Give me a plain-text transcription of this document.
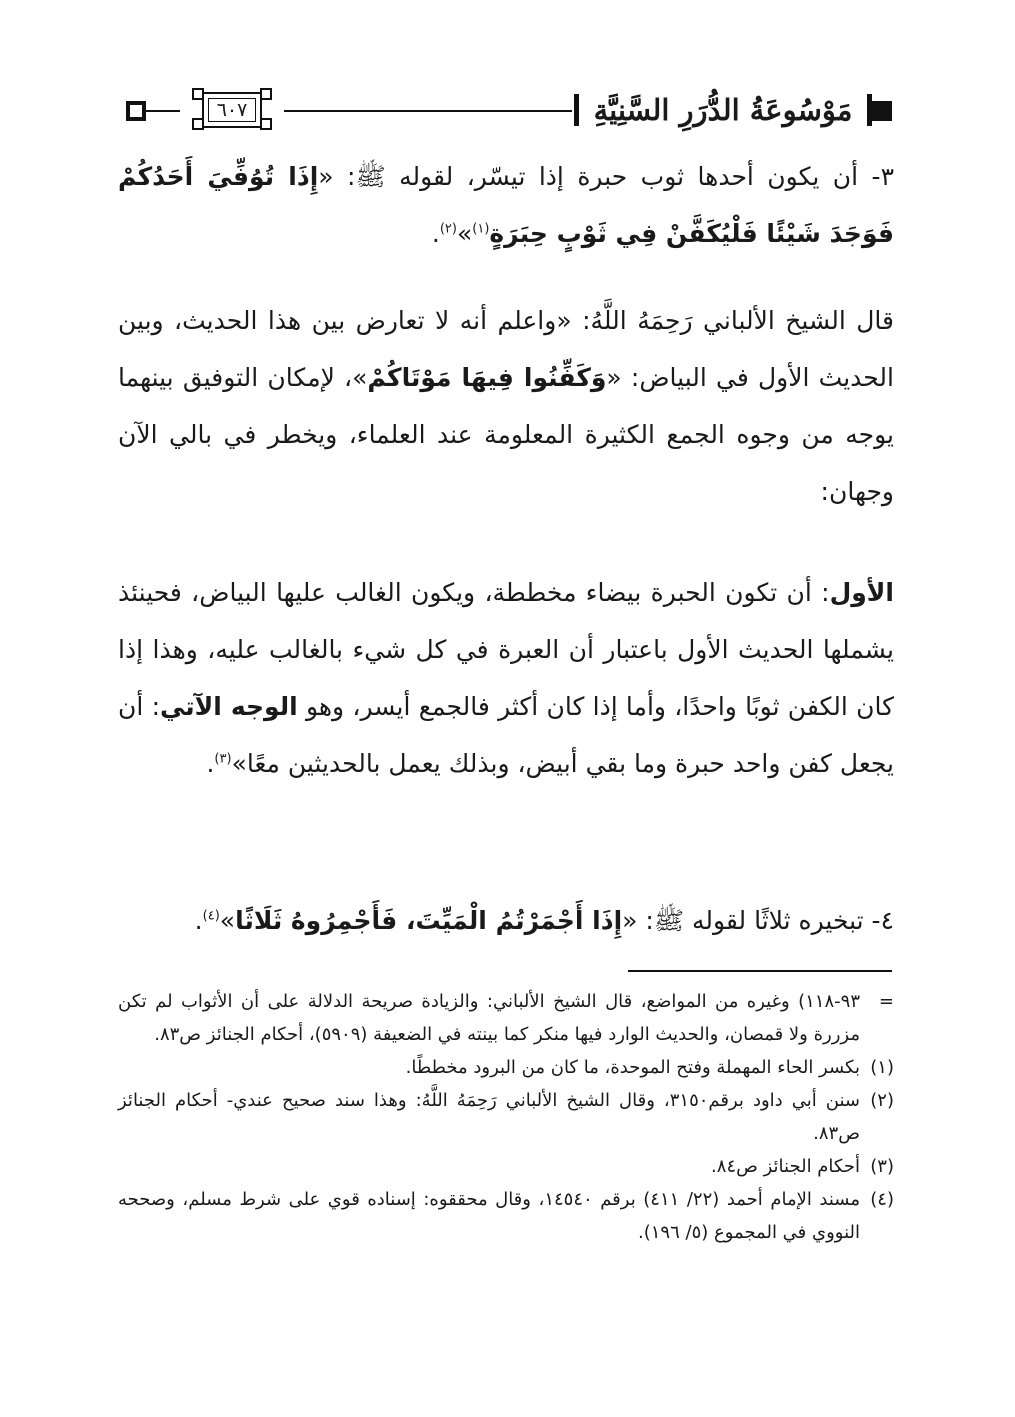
٦٠٧	مَوْسُوعَةُ الدُّرَرِ السَّنِيَّةِ

٣- أن يكون أحدها ثوب حبرة إذا تيسّر، لقوله ﷺ: «إِذَا تُوُفِّيَ أَحَدُكُمْ فَوَجَدَ شَيْئًا فَلْيُكَفَّنْ فِي ثَوْبٍ حِبَرَةٍ$^{(١)}$»$^{(٢)}$.

قال الشيخ الألباني رَحِمَهُ اللَّهُ: «واعلم أنه لا تعارض بين هذا الحديث، وبين الحديث الأول في البياض: «وَكَفِّنُوا فِيهَا مَوْتَاكُمْ»، لإمكان التوفيق بينهما يوجه من وجوه الجمع الكثيرة المعلومة عند العلماء، ويخطر في بالي الآن وجهان:

الأول: أن تكون الحبرة بيضاء مخططة، ويكون الغالب عليها البياض، فحينئذ يشملها الحديث الأول باعتبار أن العبرة في كل شيء بالغالب عليه، وهذا إذا كان الكفن ثوبًا واحدًا، وأما إذا كان أكثر فالجمع أيسر، وهو الوجه الآتي: أن يجعل كفن واحد حبرة وما بقي أبيض، وبذلك يعمل بالحديثين معًا»$^{(٣)}$.

٤- تبخيره ثلاثًا لقوله ﷺ: «إِذَا أَجْمَرْتُمُ الْمَيِّتَ، فَأَجْمِرُوهُ ثَلَاثًا»$^{(٤)}$.

=
٩٣-١١٨) وغيره من المواضع، قال الشيخ الألباني: والزيادة صريحة الدلالة على أن الأثواب لم تكن مزررة ولا قمصان، والحديث الوارد فيها منكر كما بينته في الضعيفة (٥٩٠٩)، أحكام الجنائز ص٨٣.

(١)
بكسر الحاء المهملة وفتح الموحدة، ما كان من البرود مخططًا.

(٢)
سنن أبي داود برقم٣١٥٠، وقال الشيخ الألباني رَحِمَهُ اللَّهُ: وهذا سند صحيح عندي- أحكام الجنائز ص٨٣.

(٣)
أحكام الجنائز ص٨٤.

(٤)
مسند الإمام أحمد (٢٢/ ٤١١) برقم ١٤٥٤٠، وقال محققوه: إسناده قوي على شرط مسلم، وصححه النووي في المجموع (٥/ ١٩٦).
